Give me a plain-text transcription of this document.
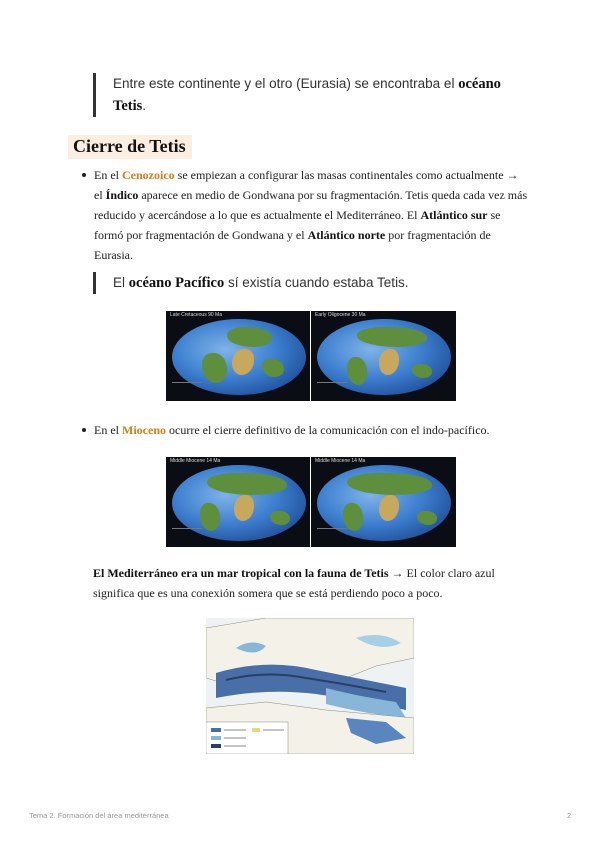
Entre este continente y el otro (Eurasia) se encontraba el océano Tetis.
Cierre de Tetis
En el Cenozoico se empiezan a configurar las masas continentales como actualmente → el Índico aparece en medio de Gondwana por su fragmentación. Tetis queda cada vez más reducido y acercándose a lo que es actualmente el Mediterráneo. El Atlántico sur se formó por fragmentación de Gondwana y el Atlántico norte por fragmentación de Eurasia.
El océano Pacífico sí existía cuando estaba Tetis.
Late Cretaceous 90 Ma	Early Oligocene 30 Ma
En el Mioceno ocurre el cierre definitivo de la comunicación con el indo-pacífico.
Middle Miocene 14 Ma	Middle Miocene 14 Ma
El Mediterráneo era un mar tropical con la fauna de Tetis → El color claro azul significa que es una conexión somera que se está perdiendo poco a poco.
Tema 2. Formación del área mediterránea	2
